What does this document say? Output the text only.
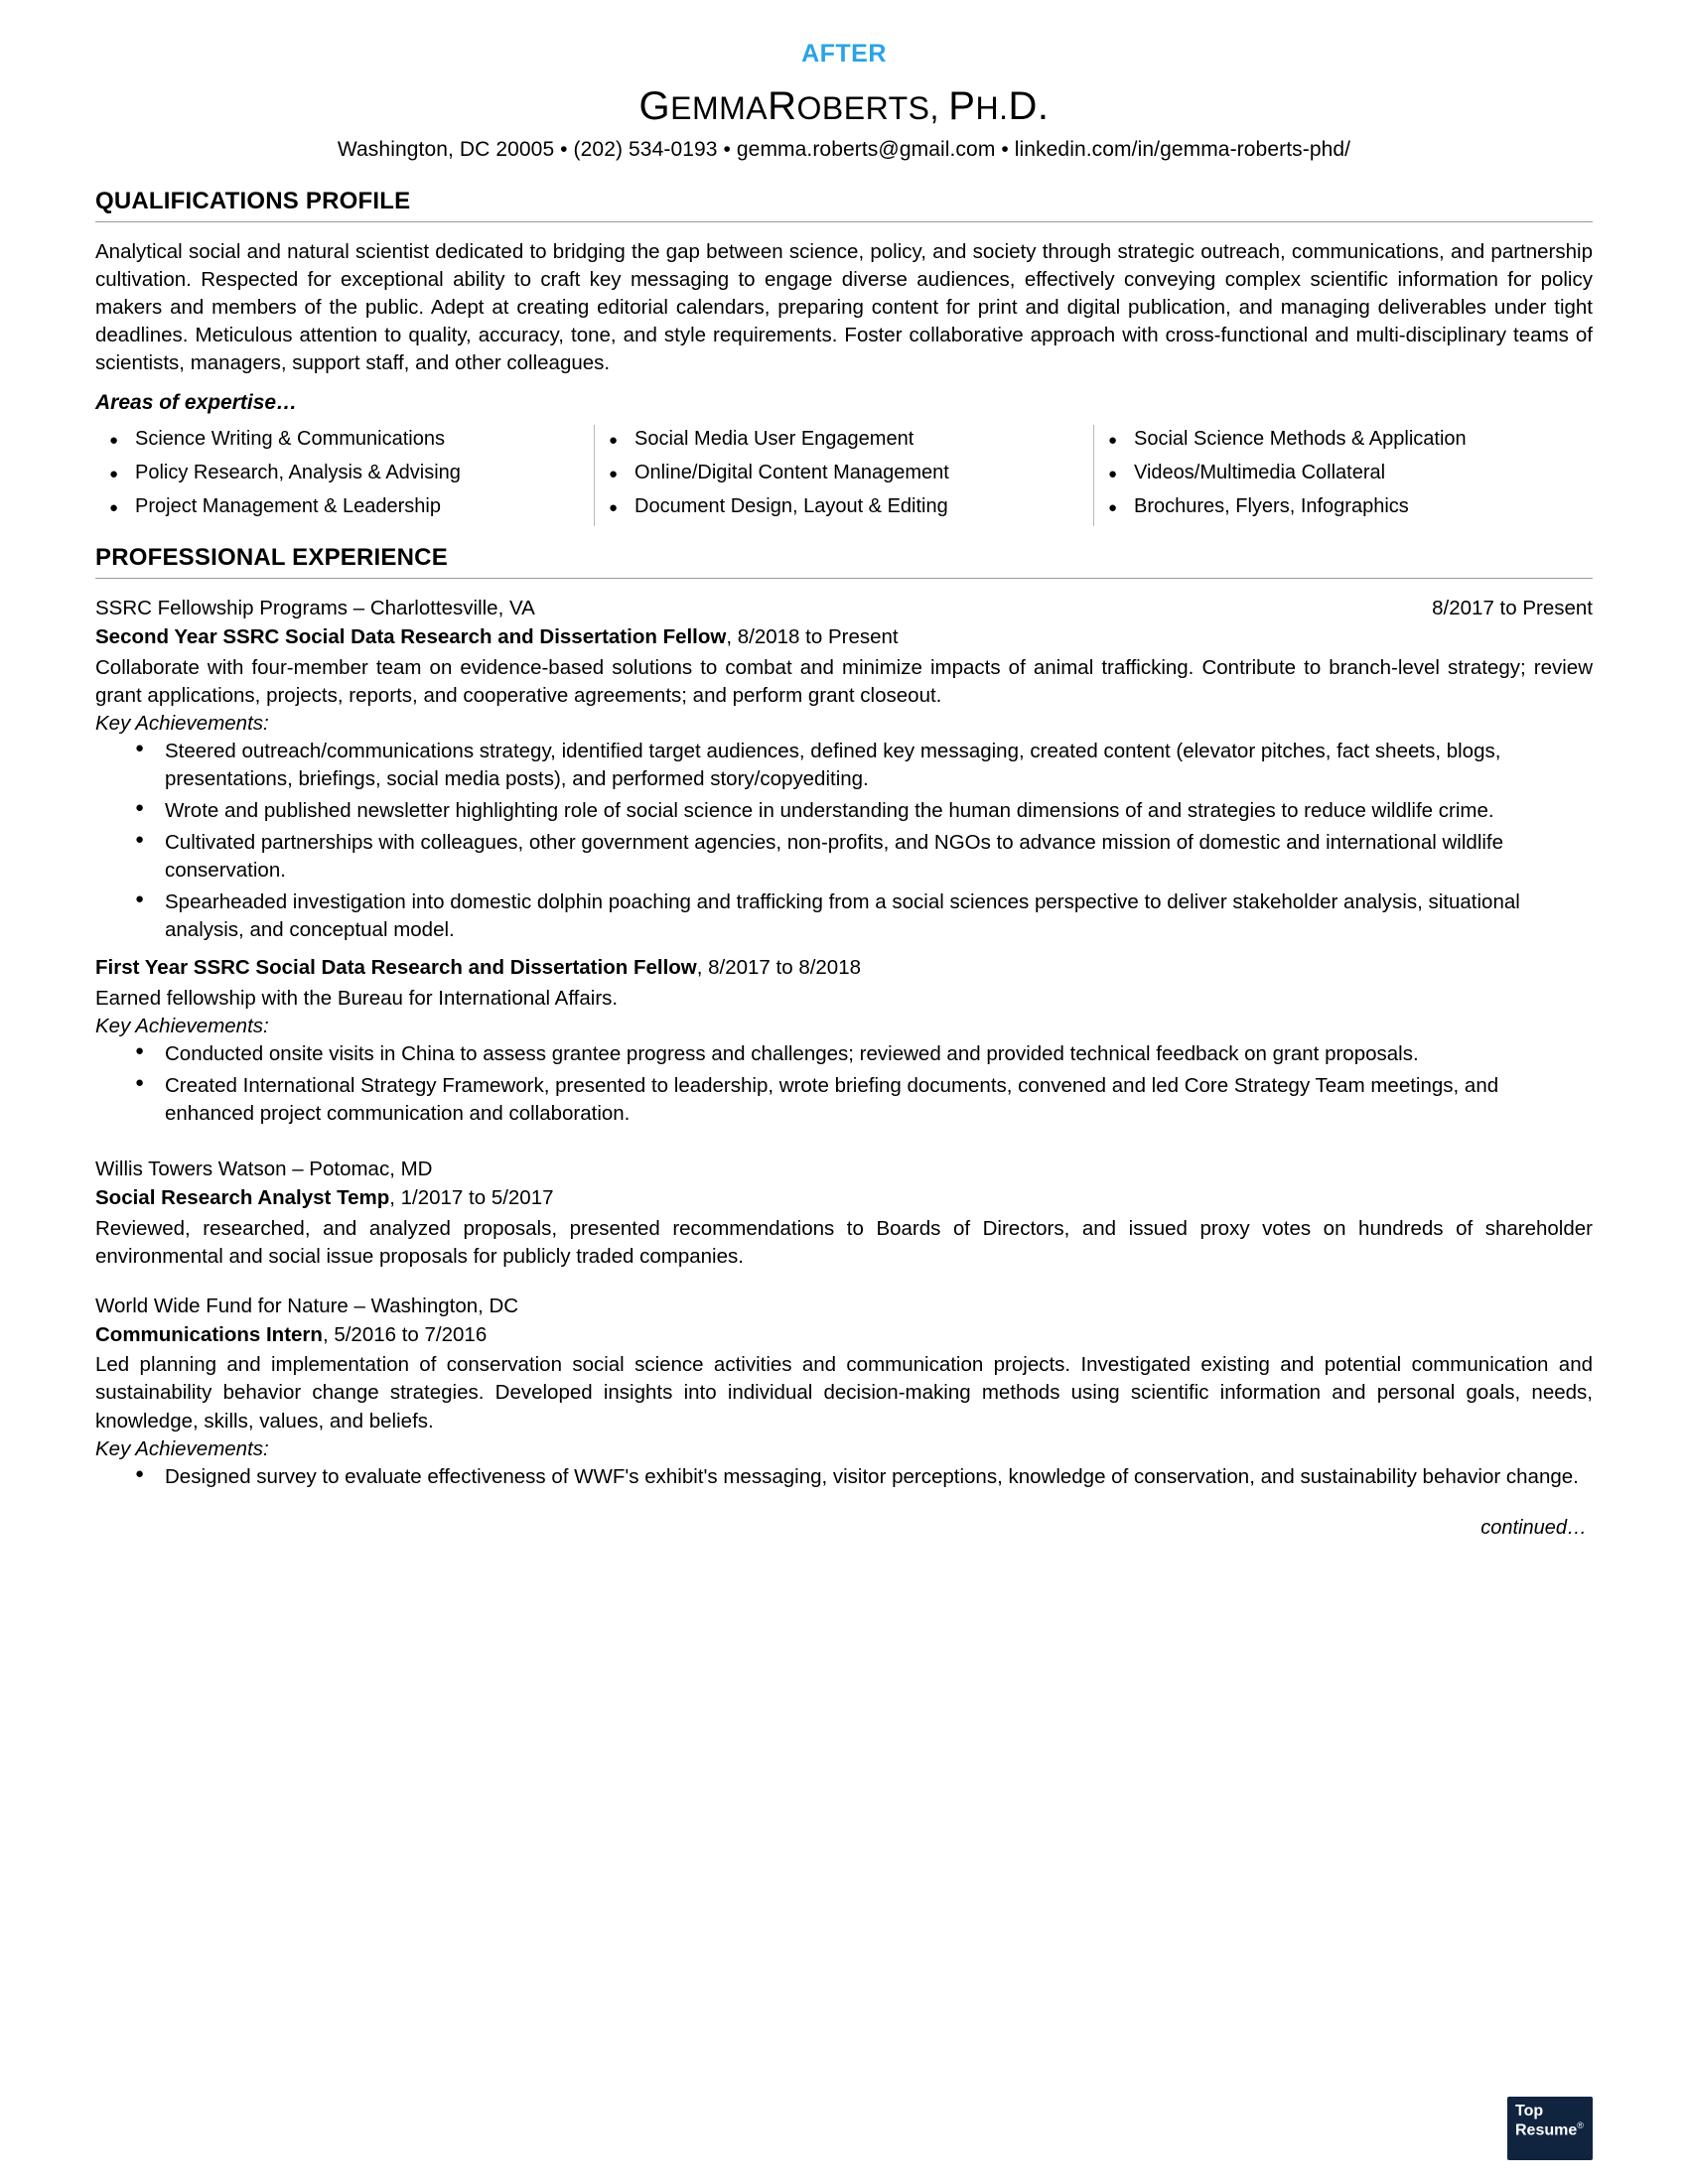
AFTER
GEMMAROBERTS, PH.D.
Washington, DC 20005 • (202) 534-0193 • gemma.roberts@gmail.com • linkedin.com/in/gemma-roberts-phd/
QUALIFICATIONS PROFILE

Analytical social and natural scientist dedicated to bridging the gap between science, policy, and society through strategic outreach, communications, and partnership cultivation. Respected for exceptional ability to craft key messaging to engage diverse audiences, effectively conveying complex scientific information for policy makers and members of the public. Adept at creating editorial calendars, preparing content for print and digital publication, and managing deliverables under tight deadlines. Meticulous attention to quality, accuracy, tone, and style requirements. Foster collaborative approach with cross-functional and multi-disciplinary teams of scientists, managers, support staff, and other colleagues.

Areas of expertise…
● Science Writing & Communications
● Policy Research, Analysis & Advising
● Project Management & Leadership
● Social Media User Engagement
● Online/Digital Content Management
● Document Design, Layout & Editing
● Social Science Methods & Application
● Videos/Multimedia Collateral
● Brochures, Flyers, Infographics
PROFESSIONAL EXPERIENCE
SSRC Fellowship Programs – Charlottesville, VA	8/2017 to Present
Second Year SSRC Social Data Research and Dissertation Fellow, 8/2018 to Present

Collaborate with four-member team on evidence-based solutions to combat and minimize impacts of animal trafficking. Contribute to branch-level strategy; review grant applications, projects, reports, and cooperative agreements; and perform grant closeout.

Key Achievements:
●	Steered outreach/communications strategy, identified target audiences, defined key messaging, created content (elevator pitches, fact sheets, blogs, presentations, briefings, social media posts), and performed story/copyediting.
●	Wrote and published newsletter highlighting role of social science in understanding the human dimensions of and strategies to reduce wildlife crime.
●	Cultivated partnerships with colleagues, other government agencies, non-profits, and NGOs to advance mission of domestic and international wildlife conservation.
●	Spearheaded investigation into domestic dolphin poaching and trafficking from a social sciences perspective to deliver stakeholder analysis, situational analysis, and conceptual model.
First Year SSRC Social Data Research and Dissertation Fellow, 8/2017 to 8/2018

Earned fellowship with the Bureau for International Affairs.

Key Achievements:
●	Conducted onsite visits in China to assess grantee progress and challenges; reviewed and provided technical feedback on grant proposals.
●	Created International Strategy Framework, presented to leadership, wrote briefing documents, convened and led Core Strategy Team meetings, and enhanced project communication and collaboration.
Willis Towers Watson – Potomac, MD
Social Research Analyst Temp, 1/2017 to 5/2017

Reviewed, researched, and analyzed proposals, presented recommendations to Boards of Directors, and issued proxy votes on hundreds of shareholder environmental and social issue proposals for publicly traded companies.

World Wide Fund for Nature – Washington, DC
Communications Intern, 5/2016 to 7/2016

Led planning and implementation of conservation social science activities and communication projects. Investigated existing and potential communication and sustainability behavior change strategies. Developed insights into individual decision-making methods using scientific information and personal goals, needs, knowledge, skills, values, and beliefs.

Key Achievements:
●	Designed survey to evaluate effectiveness of WWF's exhibit's messaging, visitor perceptions, knowledge of conservation, and sustainability behavior change.
continued…
Top
Resume®
